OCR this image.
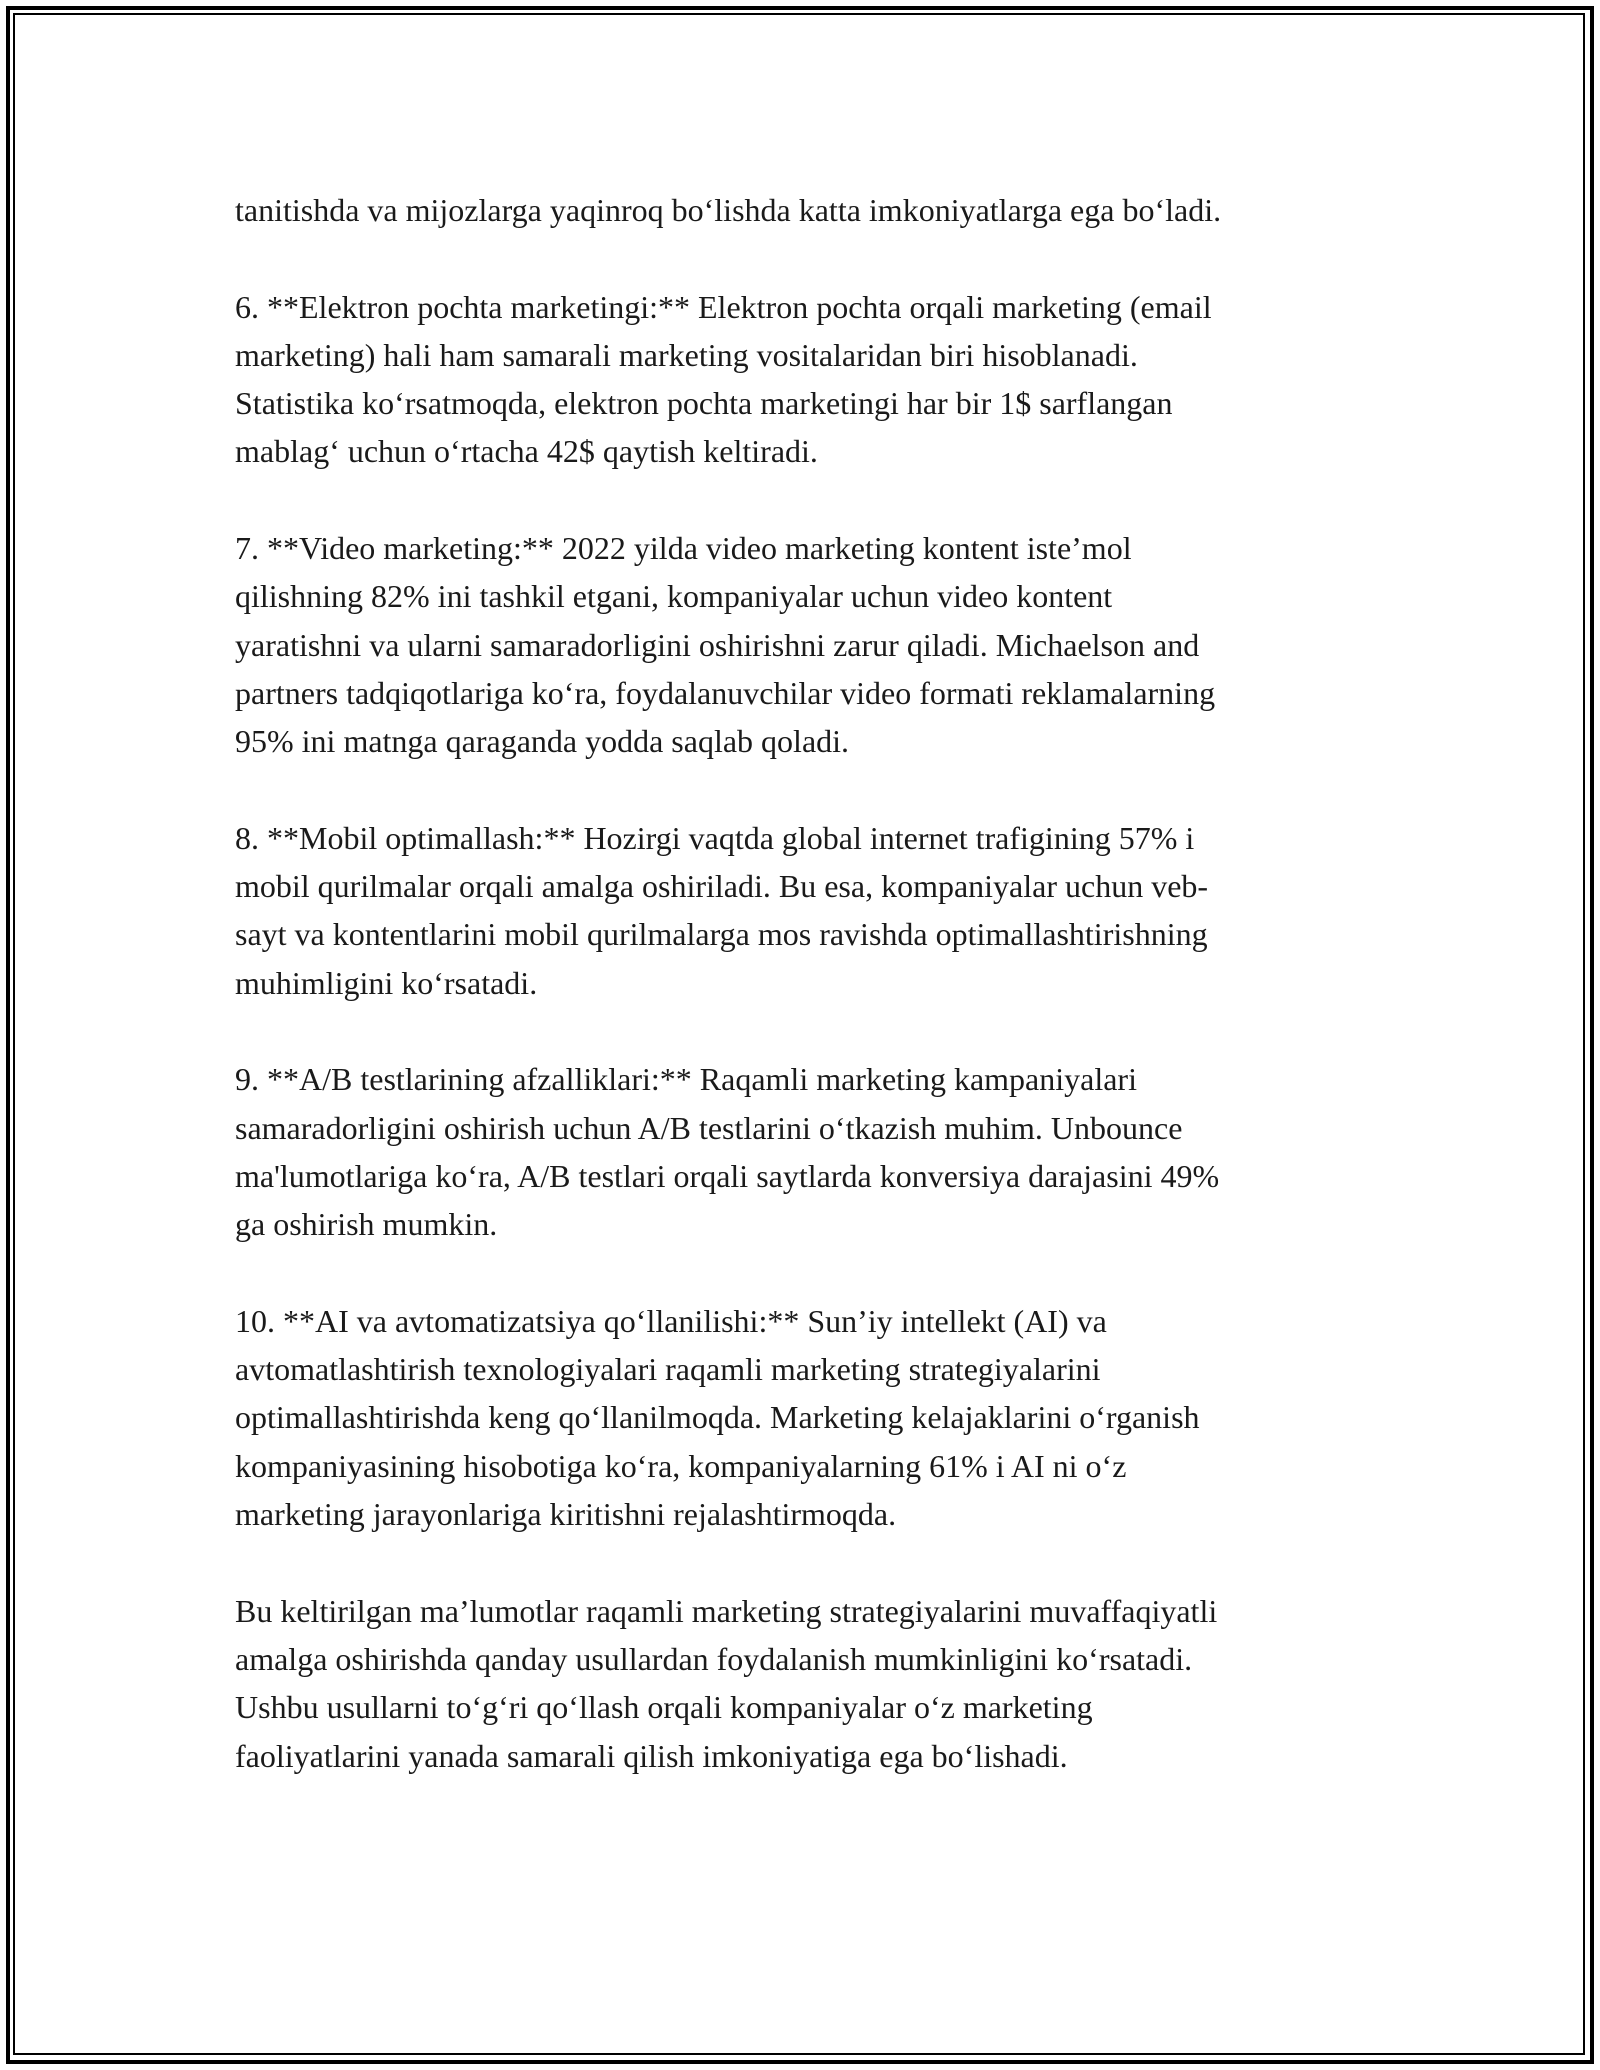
tanitishda va mijozlarga yaqinroq bo‘lishda katta imkoniyatlarga ega bo‘ladi.

6. **Elektron pochta marketingi:** Elektron pochta orqali marketing (email
marketing) hali ham samarali marketing vositalaridan biri hisoblanadi.
Statistika ko‘rsatmoqda, elektron pochta marketingi har bir 1$ sarflangan
mablag‘ uchun o‘rtacha 42$ qaytish keltiradi.

7. **Video marketing:** 2022 yilda video marketing kontent iste’mol
qilishning 82% ini tashkil etgani, kompaniyalar uchun video kontent
yaratishni va ularni samaradorligini oshirishni zarur qiladi. Michaelson and
partners tadqiqotlariga ko‘ra, foydalanuvchilar video formati reklamalarning
95% ini matnga qaraganda yodda saqlab qoladi.

8. **Mobil optimallash:** Hozirgi vaqtda global internet trafigining 57% i
mobil qurilmalar orqali amalga oshiriladi. Bu esa, kompaniyalar uchun veb-
sayt va kontentlarini mobil qurilmalarga mos ravishda optimallashtirishning
muhimligini ko‘rsatadi.

9. **A/B testlarining afzalliklari:** Raqamli marketing kampaniyalari
samaradorligini oshirish uchun A/B testlarini o‘tkazish muhim. Unbounce
ma'lumotlariga ko‘ra, A/B testlari orqali saytlarda konversiya darajasini 49%
ga oshirish mumkin.

10. **AI va avtomatizatsiya qo‘llanilishi:** Sun’iy intellekt (AI) va
avtomatlashtirish texnologiyalari raqamli marketing strategiyalarini
optimallashtirishda keng qo‘llanilmoqda. Marketing kelajaklarini o‘rganish
kompaniyasining hisobotiga ko‘ra, kompaniyalarning 61% i AI ni o‘z
marketing jarayonlariga kiritishni rejalashtirmoqda.

Bu keltirilgan ma’lumotlar raqamli marketing strategiyalarini muvaffaqiyatli
amalga oshirishda qanday usullardan foydalanish mumkinligini ko‘rsatadi.
Ushbu usullarni to‘g‘ri qo‘llash orqali kompaniyalar o‘z marketing
faoliyatlarini yanada samarali qilish imkoniyatiga ega bo‘lishadi.
